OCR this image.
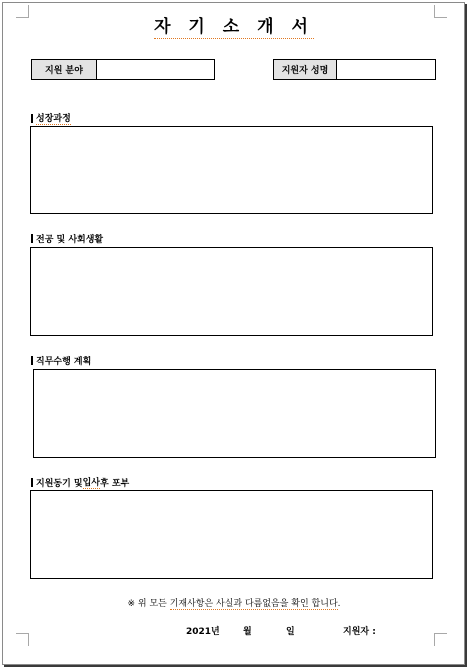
자 기 소 개 서
지원 분야	지원자 성명
성장과정
전공 및 사회생활
직무수행 계획
지원동기 및 입사 후 포부
※ 위 모든 기재사항은 사실과 다름없음을 확인 합니다.
2021년	월	일	지원자 :
